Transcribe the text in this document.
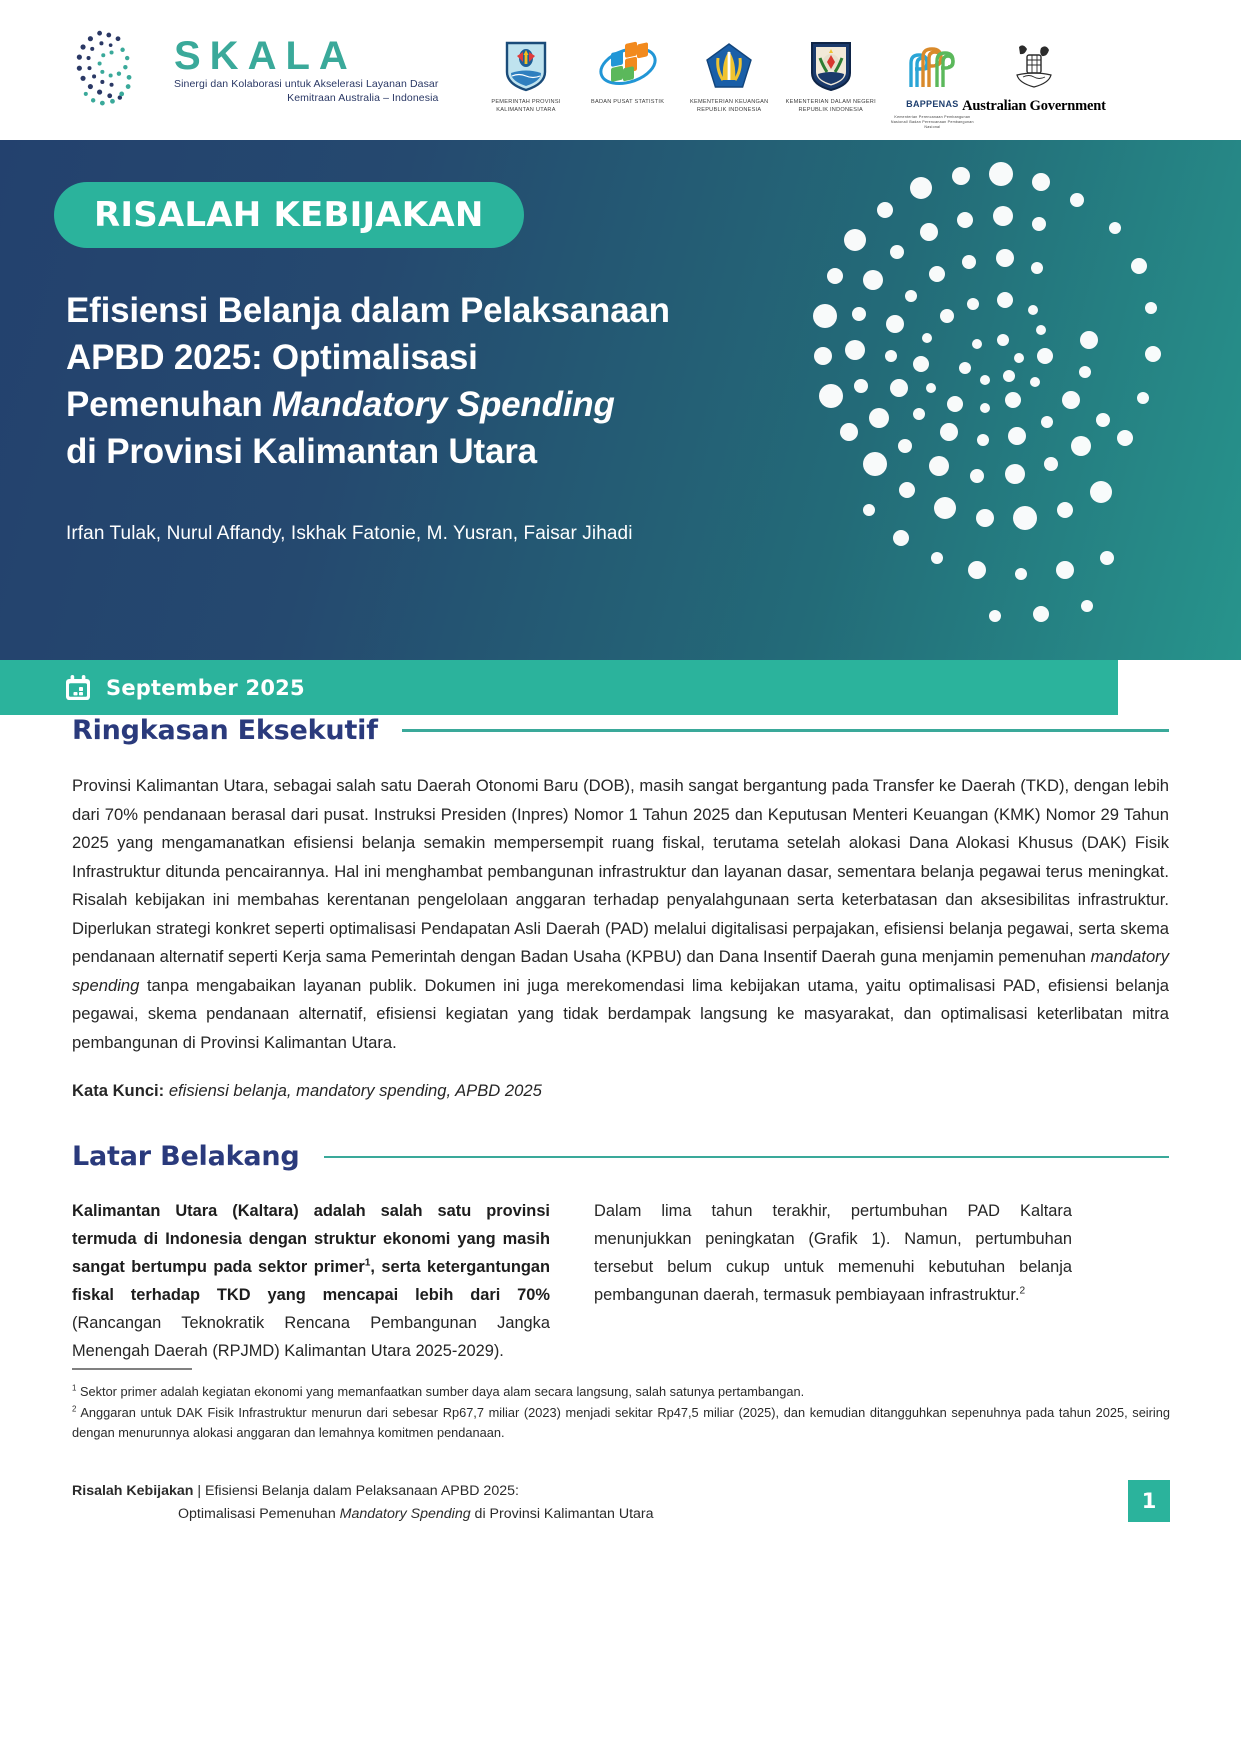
SKALA
Sinergi dan Kolaborasi untuk Akselerasi Layanan Dasar
Kemitraan Australia – Indonesia	PEMERINTAH PROVINSI
KALIMANTAN UTARA
BADAN PUSAT STATISTIK	KEMENTERIAN KEUANGAN
REPUBLIK INDONESIA
KEMENTERIAN DALAM NEGERI
REPUBLIK INDONESIA
BAPPENAS
Kementerian Perencanaan Pembangunan Nasional/ Badan Perencanaan Pembangunan Nasional
Australian Government
RISALAH KEBIJAKAN
Efisiensi Belanja dalam Pelaksanaan
APBD 2025: Optimalisasi
Pemenuhan Mandatory Spending
di Provinsi Kalimantan Utara
Irfan Tulak, Nurul Affandy, Iskhak Fatonie, M. Yusran, Faisar Jihadi
September 2025
Ringkasan Eksekutif

Provinsi Kalimantan Utara, sebagai salah satu Daerah Otonomi Baru (DOB), masih sangat bergantung pada Transfer ke Daerah (TKD), dengan lebih dari 70% pendanaan berasal dari pusat. Instruksi Presiden (Inpres) Nomor 1 Tahun 2025 dan Keputusan Menteri Keuangan (KMK) Nomor 29 Tahun 2025 yang mengamanatkan efisiensi belanja semakin mempersempit ruang fiskal, terutama setelah alokasi Dana Alokasi Khusus (DAK) Fisik Infrastruktur ditunda pencairannya. Hal ini menghambat pembangunan infrastruktur dan layanan dasar, sementara belanja pegawai terus meningkat. Risalah kebijakan ini membahas kerentanan pengelolaan anggaran terhadap penyalahgunaan serta keterbatasan dan aksesibilitas infrastruktur. Diperlukan strategi konkret seperti optimalisasi Pendapatan Asli Daerah (PAD) melalui digitalisasi perpajakan, efisiensi belanja pegawai, serta skema pendanaan alternatif seperti Kerja sama Pemerintah dengan Badan Usaha (KPBU) dan Dana Insentif Daerah guna menjamin pemenuhan mandatory spending tanpa mengabaikan layanan publik. Dokumen ini juga merekomendasi lima kebijakan utama, yaitu optimalisasi PAD, efisiensi belanja pegawai, skema pendanaan alternatif, efisiensi kegiatan yang tidak berdampak langsung ke masyarakat, dan optimalisasi keterlibatan mitra pembangunan di Provinsi Kalimantan Utara.

Kata Kunci: efisiensi belanja, mandatory spending, APBD 2025

Latar Belakang
Kalimantan Utara (Kaltara) adalah salah satu provinsi termuda di Indonesia dengan struktur ekonomi yang masih sangat bertumpu pada sektor primer$^1$, serta ketergantungan fiskal terhadap TKD yang mencapai lebih dari 70% (Rancangan Teknokratik Rencana Pembangunan Jangka Menengah Daerah (RPJMD) Kalimantan Utara 2025-2029).
Dalam lima tahun terakhir, pertumbuhan PAD Kaltara menunjukkan peningkatan (Grafik 1). Namun, pertumbuhan tersebut belum cukup untuk memenuhi kebutuhan belanja pembangunan daerah, termasuk pembiayaan infrastruktur.$^2$
$^1$ Sektor primer adalah kegiatan ekonomi yang memanfaatkan sumber daya alam secara langsung, salah satunya pertambangan.
$^2$ Anggaran untuk DAK Fisik Infrastruktur menurun dari sebesar Rp67,7 miliar (2023) menjadi sekitar Rp47,5 miliar (2025), dan kemudian ditangguhkan sepenuhnya pada tahun 2025, seiring dengan menurunnya alokasi anggaran dan lemahnya komitmen pendanaan.
Risalah Kebijakan | Efisiensi Belanja dalam Pelaksanaan APBD 2025:
Optimalisasi Pemenuhan Mandatory Spending di Provinsi Kalimantan Utara
1
